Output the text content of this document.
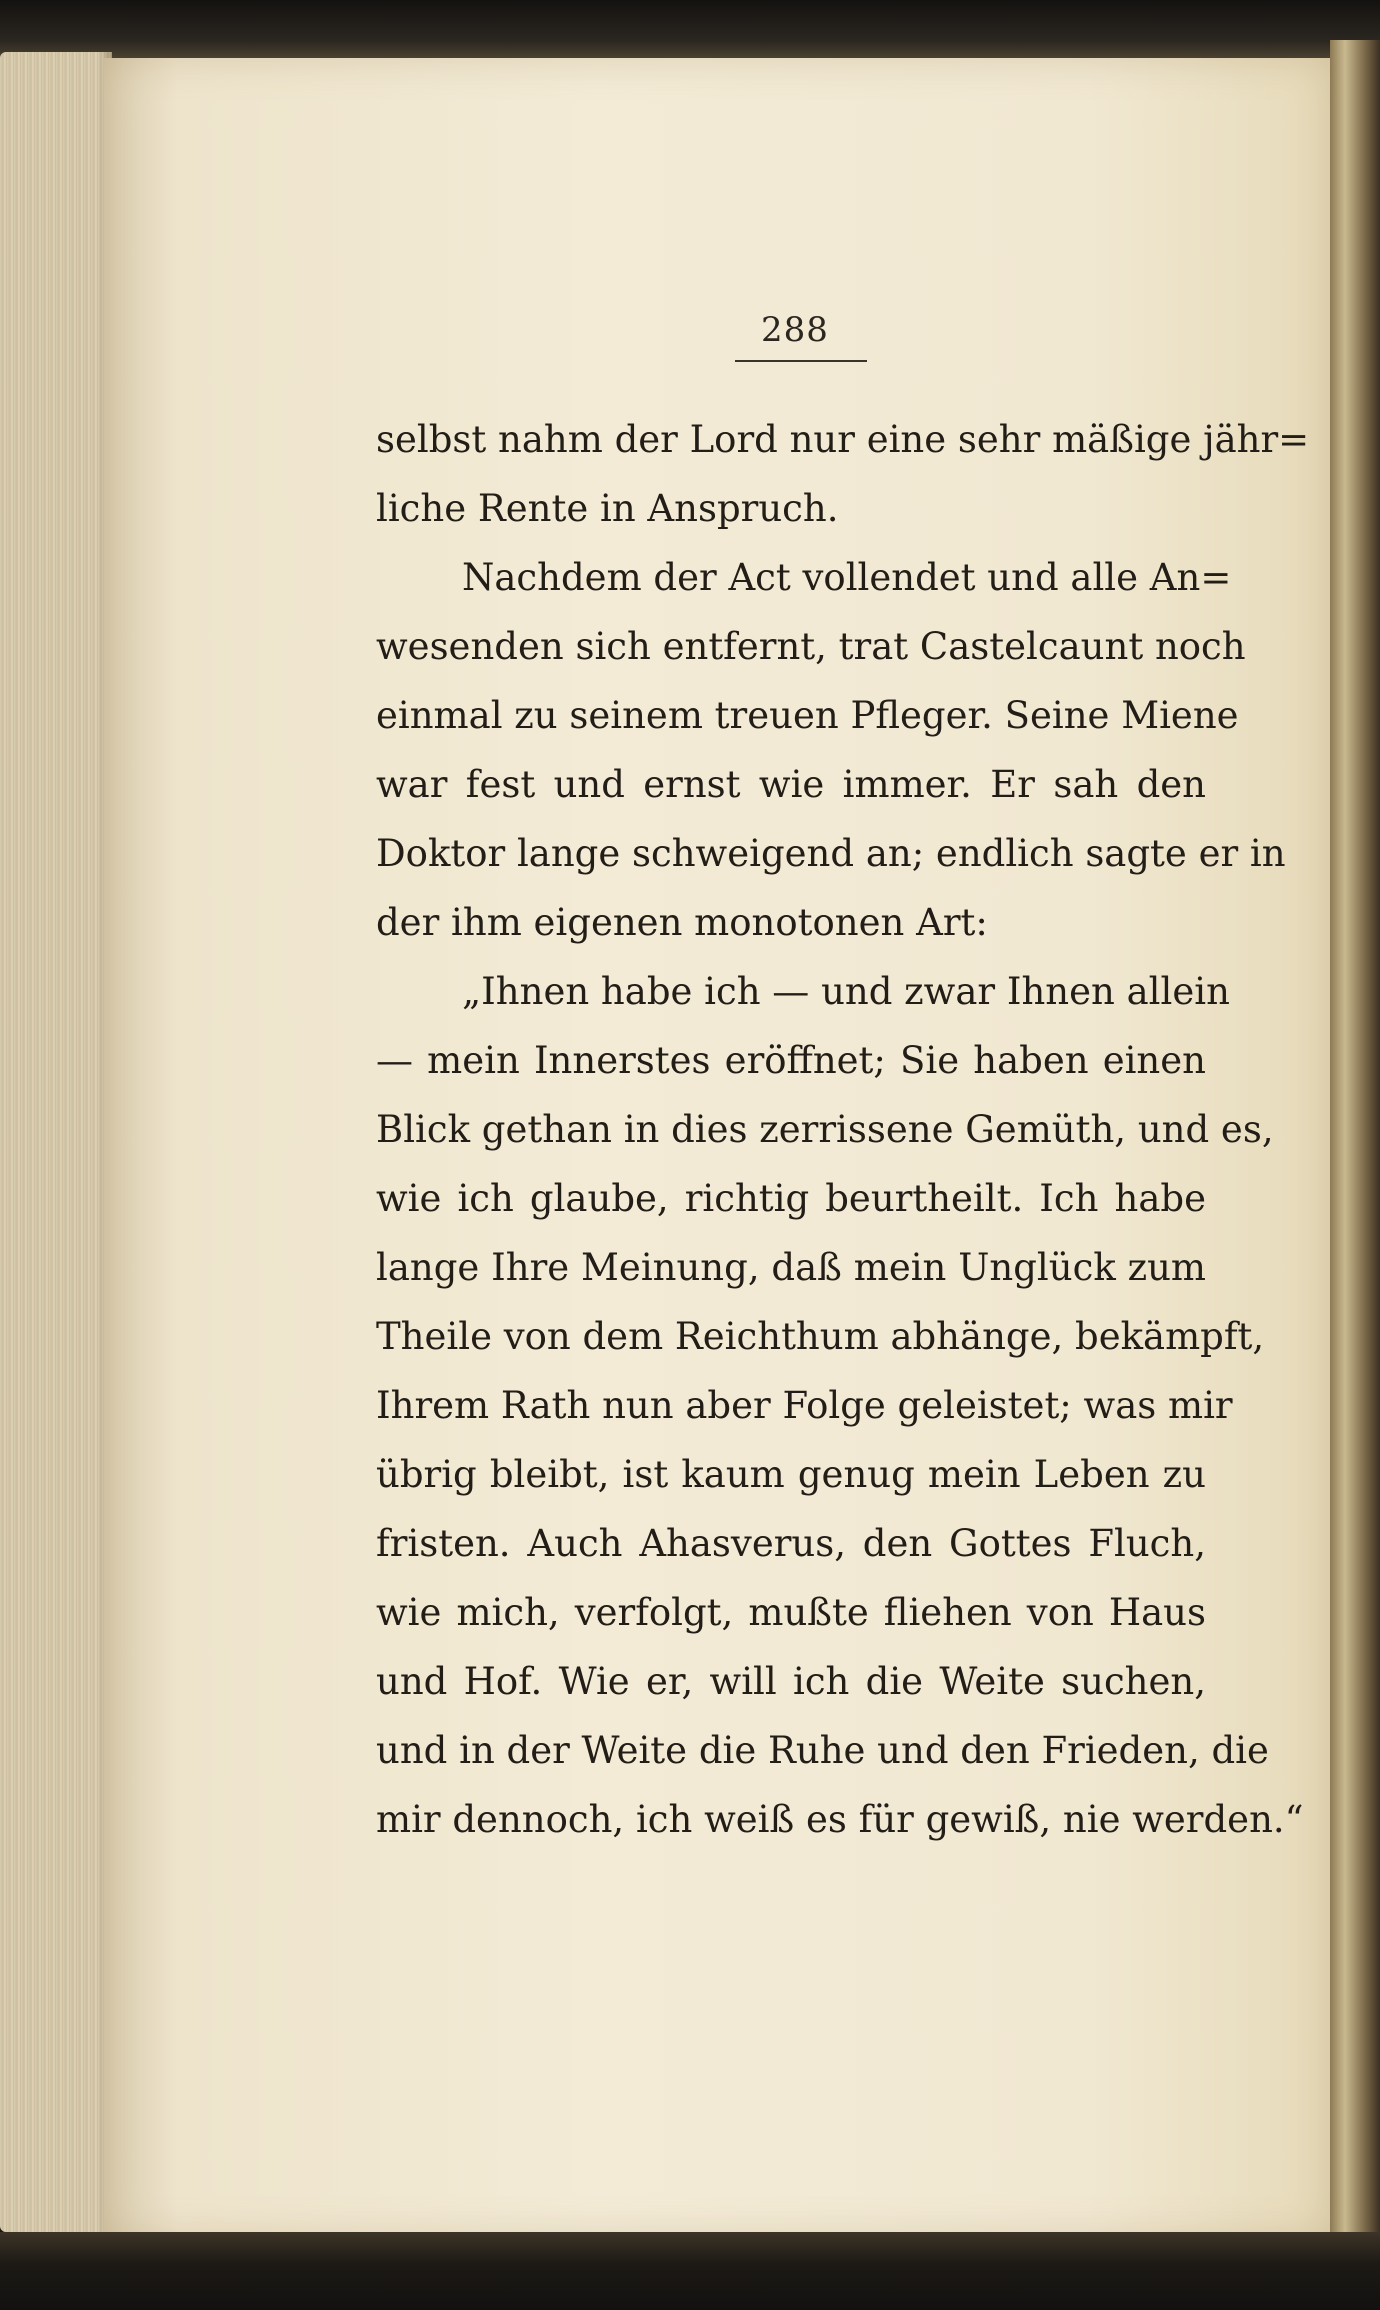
288
selbst nahm der Lord nur eine sehr mäßige jähr=
liche Rente in Anspruch.
Nachdem der Act vollendet und alle An=
wesenden sich entfernt, trat Castelcaunt noch
einmal zu seinem treuen Pfleger. Seine Miene
war fest und ernst wie immer. Er sah den
Doktor lange schweigend an; endlich sagte er in
der ihm eigenen monotonen Art:
„Ihnen habe ich — und zwar Ihnen allein
— mein Innerstes eröffnet; Sie haben einen
Blick gethan in dies zerrissene Gemüth, und es,
wie ich glaube, richtig beurtheilt. Ich habe
lange Ihre Meinung, daß mein Unglück zum
Theile von dem Reichthum abhänge, bekämpft,
Ihrem Rath nun aber Folge geleistet; was mir
übrig bleibt, ist kaum genug mein Leben zu
fristen. Auch Ahasverus, den Gottes Fluch,
wie mich, verfolgt, mußte fliehen von Haus
und Hof. Wie er, will ich die Weite suchen,
und in der Weite die Ruhe und den Frieden, die
mir dennoch, ich weiß es für gewiß, nie werden.“
